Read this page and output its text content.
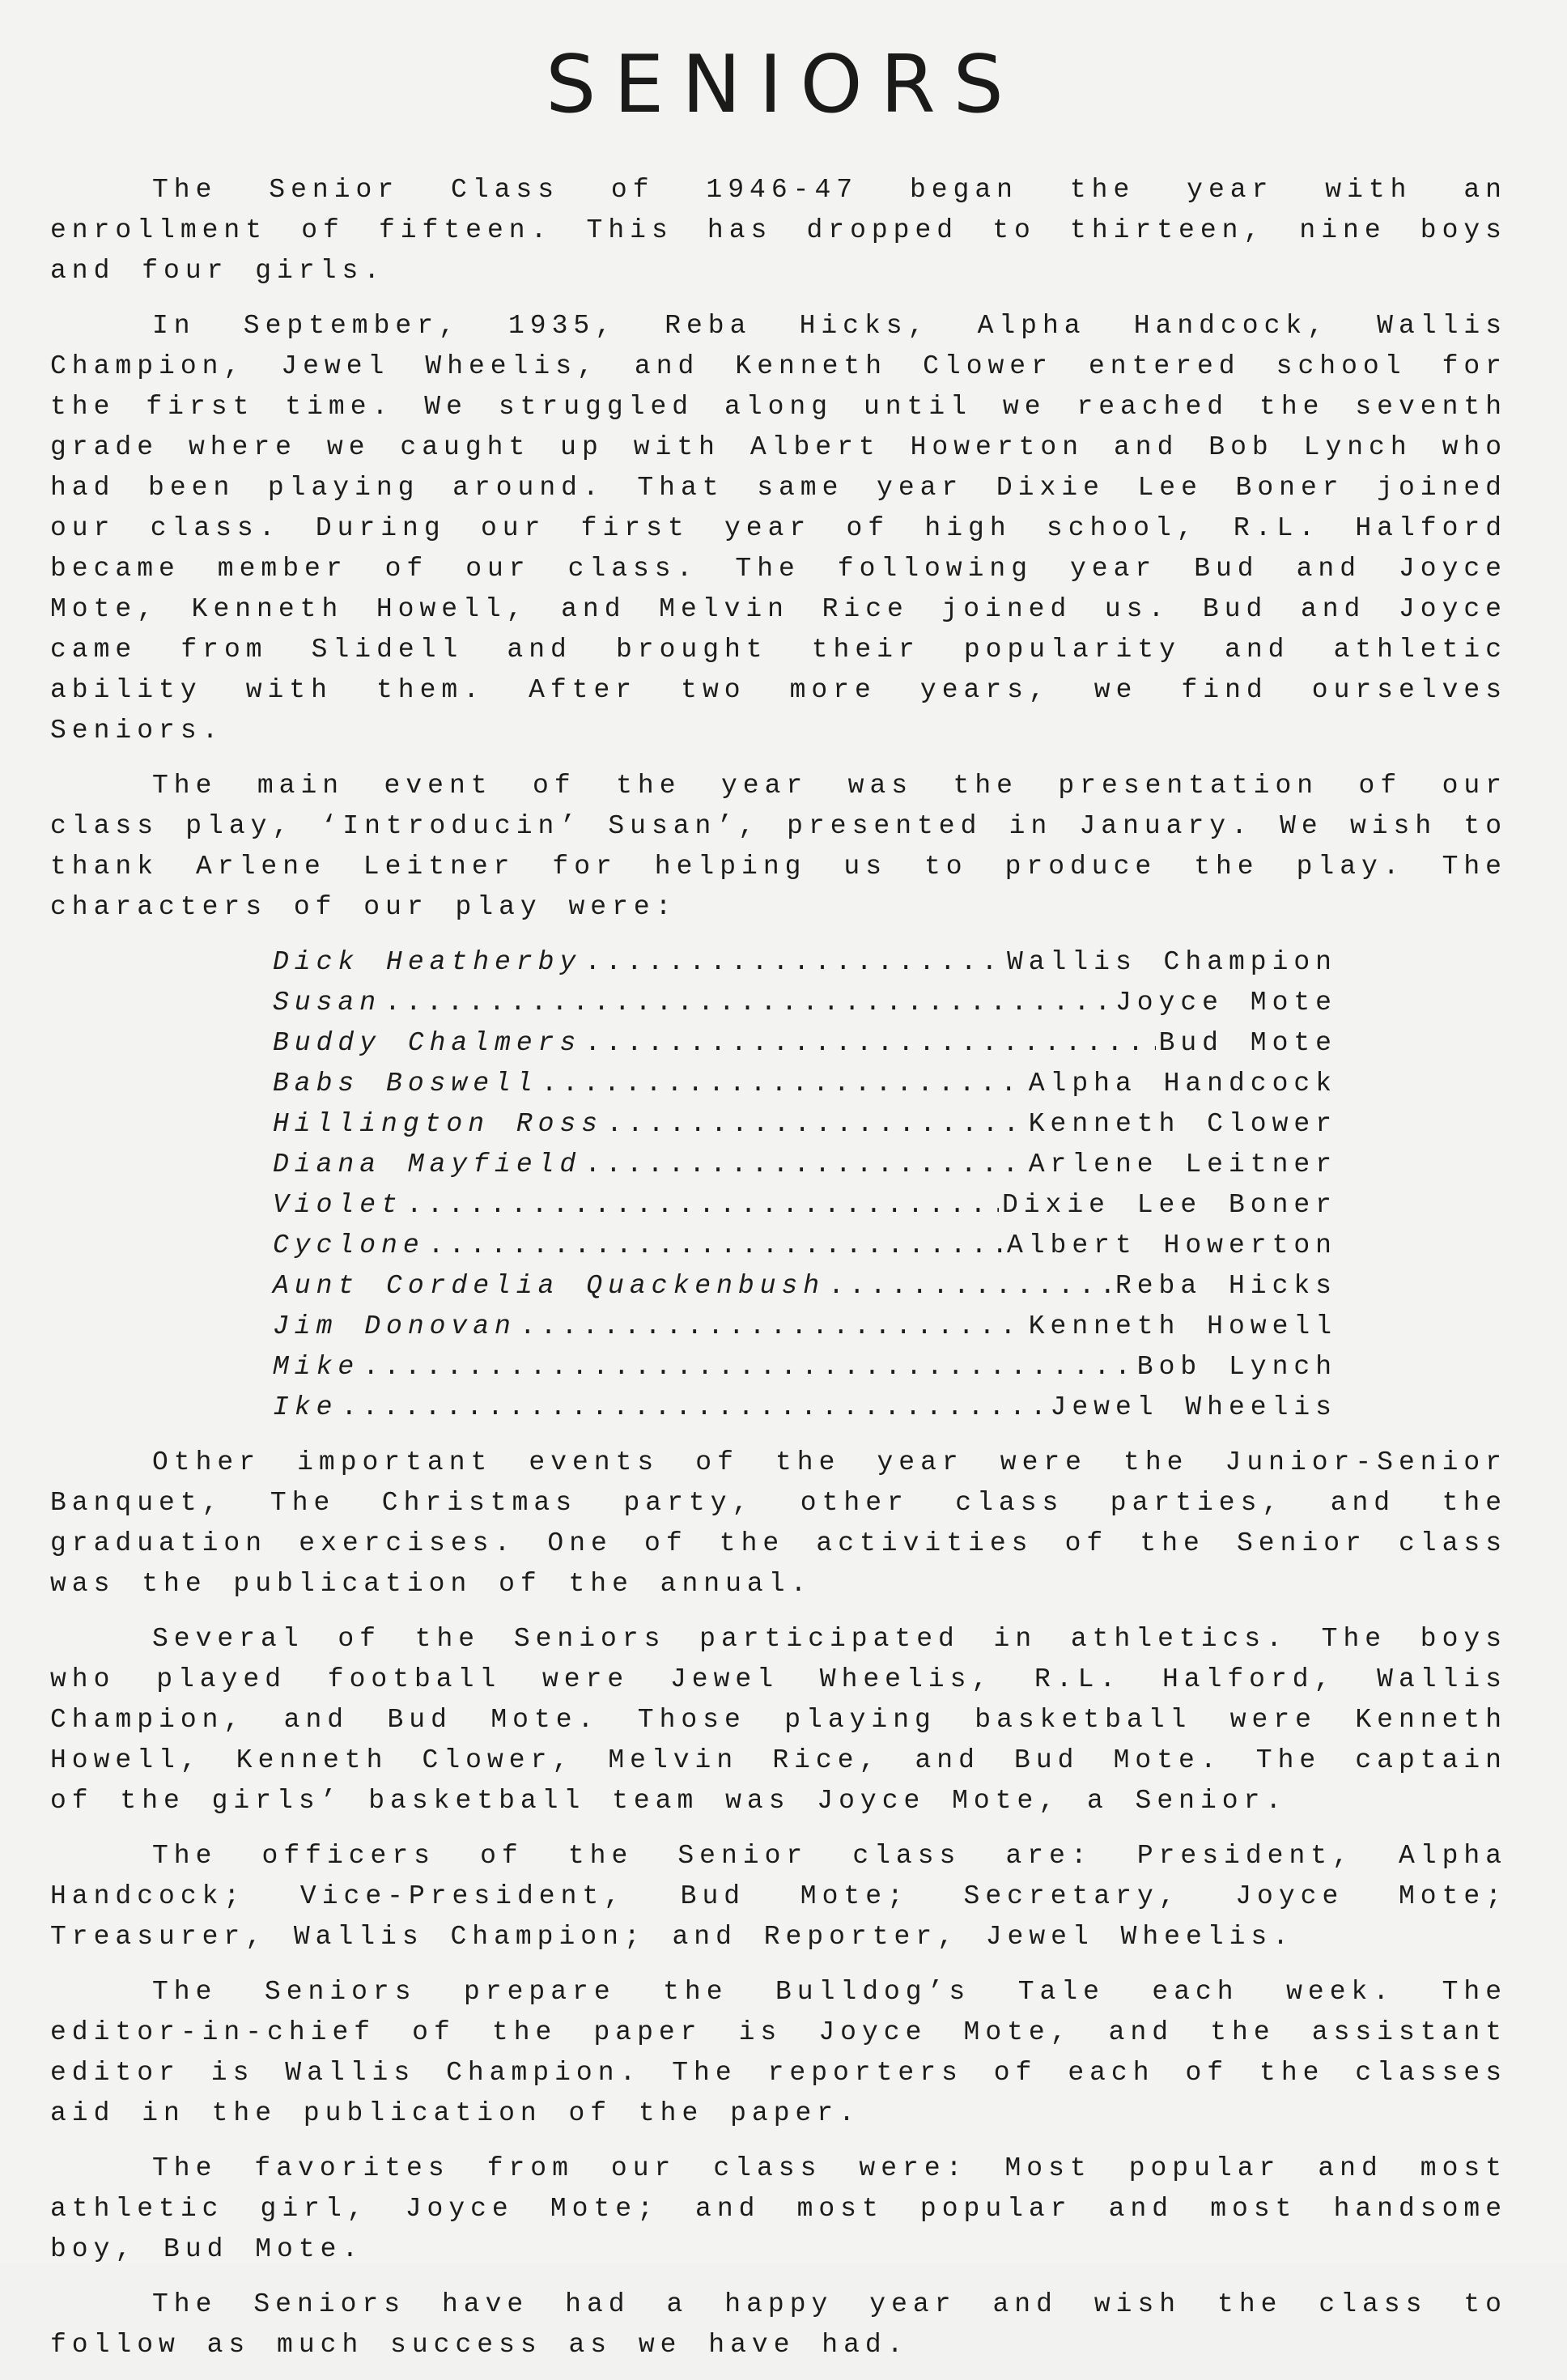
SENIORS

The Senior Class of 1946-47 began the year with an enrollment of fifteen. This has dropped to thirteen, nine boys and four girls.

In September, 1935, Reba Hicks, Alpha Handcock, Wallis Champion, Jewel Wheelis, and Kenneth Clower entered school for the first time. We struggled along until we reached the seventh grade where we caught up with Albert Howerton and Bob Lynch who had been playing around. That same year Dixie Lee Boner joined our class. During our first year of high school, R.L. Halford became member of our class. The following year Bud and Joyce Mote, Kenneth Howell, and Melvin Rice joined us. Bud and Joyce came from Slidell and brought their popularity and athletic ability with them. After two more years, we find ourselves Seniors.

The main event of the year was the presentation of our class play, ‘Introducin’ Susan’, presented in January. We wish to thank Arlene Leitner for helping us to produce the play. The characters of our play were:

Dick Heatherby .....	Wallis Champion
Susan .....	Joyce Mote
Buddy Chalmers .....	Bud Mote
Babs Boswell .....	Alpha Handcock
Hillington Ross .....	Kenneth Clower
Diana Mayfield .....	Arlene Leitner
Violet .....	Dixie Lee Boner
Cyclone .....	Albert Howerton
Aunt Cordelia Quackenbush .....	Reba Hicks
Jim Donovan .....	Kenneth Howell
Mike .....	Bob Lynch
Ike .....	Jewel Wheelis

Other important events of the year were the Junior-Senior Banquet, The Christmas party, other class parties, and the graduation exercises. One of the activities of the Senior class was the publication of the annual.

Several of the Seniors participated in athletics. The boys who played football were Jewel Wheelis, R.L. Halford, Wallis Champion, and Bud Mote. Those playing basketball were Kenneth Howell, Kenneth Clower, Melvin Rice, and Bud Mote. The captain of the girls’ basketball team was Joyce Mote, a Senior.

The officers of the Senior class are: President, Alpha Handcock; Vice-President, Bud Mote; Secretary, Joyce Mote; Treasurer, Wallis Champion; and Reporter, Jewel Wheelis.

The Seniors prepare the Bulldog’s Tale each week. The editor-in-chief of the paper is Joyce Mote, and the assistant editor is Wallis Champion. The reporters of each of the classes aid in the publication of the paper.

The favorites from our class were: Most popular and most athletic girl, Joyce Mote; and most popular and most handsome boy, Bud Mote.

The Seniors have had a happy year and wish the class to follow as much success as we have had.
